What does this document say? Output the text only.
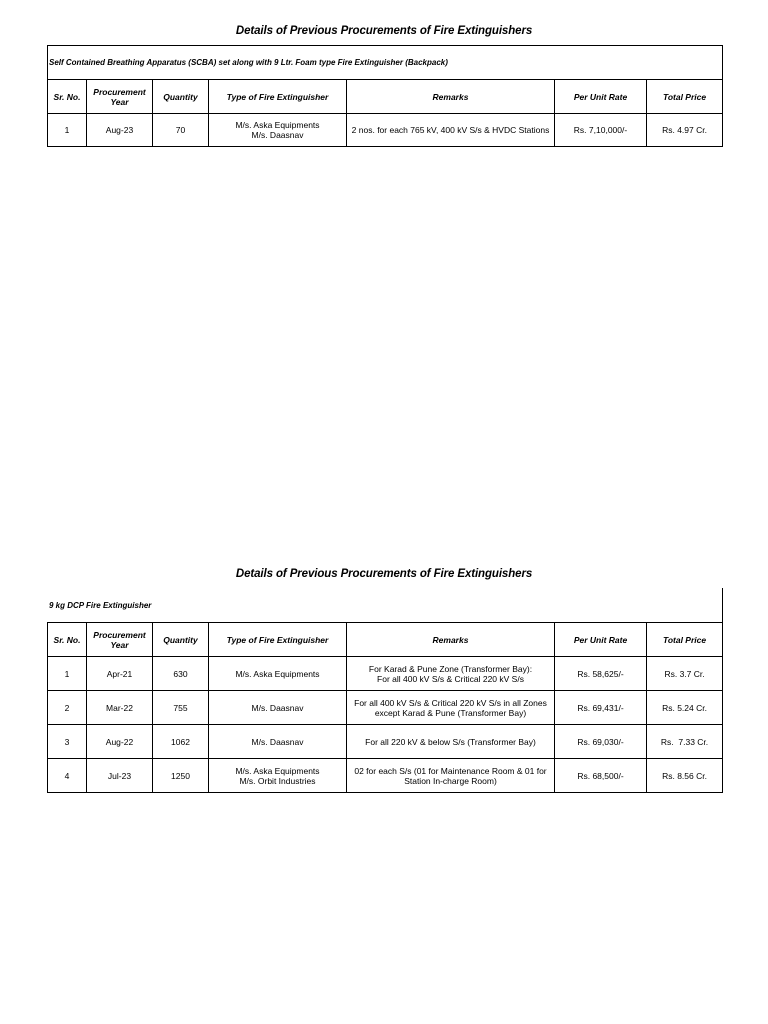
Details of Previous Procurements of Fire Extinguishers
Self Contained Breathing Apparatus (SCBA) set along with 9 Ltr. Foam type Fire Extinguisher (Backpack)						
Sr. No.	Procurement
Year	Quantity	Type of Fire Extinguisher	Remarks	Per Unit Rate	Total Price
1	Aug-23	70	M/s. Aska Equipments
M/s. Daasnav	2 nos. for each 765 kV, 400 kV S/s & HVDC Stations	Rs. 7,10,000/-	Rs. 4.97 Cr.
Details of Previous Procurements of Fire Extinguishers
9 kg DCP Fire Extinguisher						
Sr. No.	Procurement
Year	Quantity	Type of Fire Extinguisher	Remarks	Per Unit Rate	Total Price
1	Apr-21	630	M/s. Aska Equipments	For Karad & Pune Zone (Transformer Bay):
For all 400 kV S/s & Critical 220 kV S/s	Rs. 58,625/-	Rs. 3.7 Cr.
2	Mar-22	755	M/s. Daasnav	For all 400 kV S/s & Critical 220 kV S/s in all Zones
except Karad & Pune (Transformer Bay)	Rs. 69,431/-	Rs. 5.24 Cr.
3	Aug-22	1062	M/s. Daasnav	For all 220 kV & below S/s (Transformer Bay)	Rs. 69,030/-	Rs.  7.33 Cr.
4	Jul-23	1250	M/s. Aska Equipments
M/s. Orbit Industries	02 for each S/s (01 for Maintenance Room & 01 for
Station In-charge Room)	Rs. 68,500/-	Rs. 8.56 Cr.
